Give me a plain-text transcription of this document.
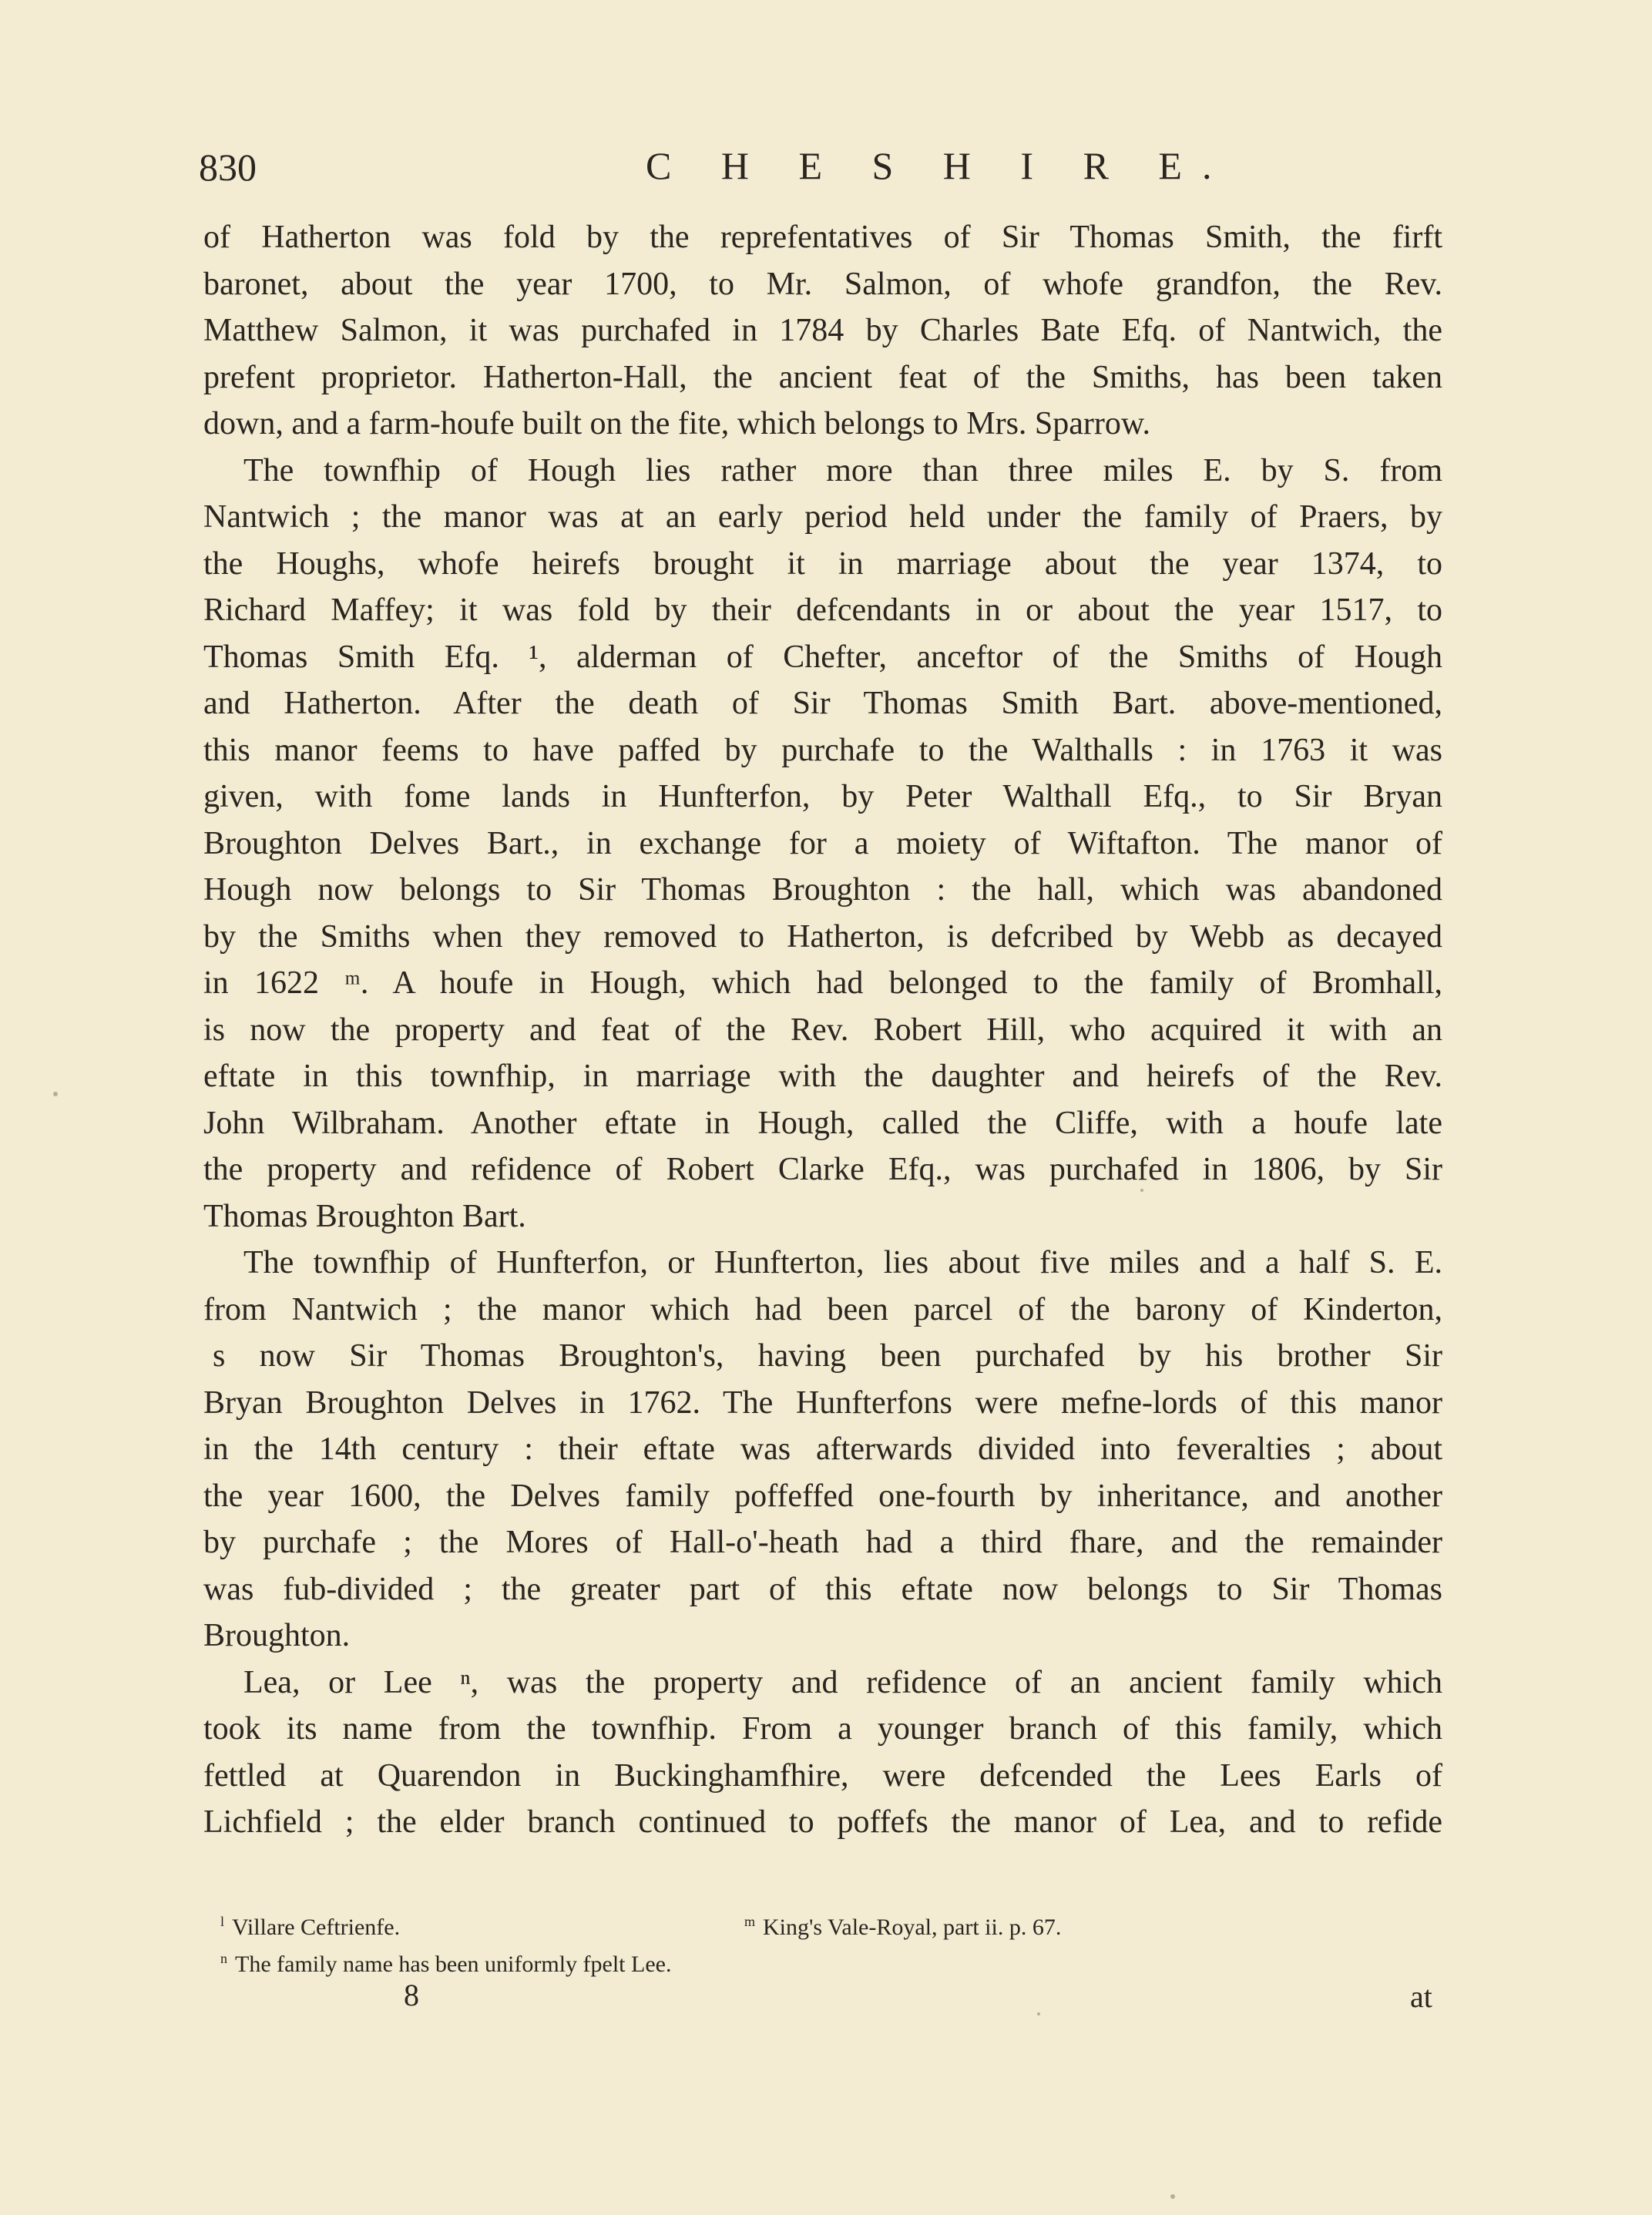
830	C H E S H I R E.
of Hatherton was fold by the reprefentatives of Sir Thomas Smith, the firft
baronet, about the year 1700, to Mr. Salmon, of whofe grandfon, the Rev.
Matthew Salmon, it was purchafed in 1784 by Charles Bate Efq. of Nantwich, the
prefent proprietor. Hatherton-Hall, the ancient feat of the Smiths, has been taken
down, and a farm-houfe built on the fite, which belongs to Mrs. Sparrow.
The townfhip of Hough lies rather more than three miles E. by S. from
Nantwich ; the manor was at an early period held under the family of Praers, by
the Houghs, whofe heirefs brought it in marriage about the year 1374, to
Richard Maffey; it was fold by their defcendants in or about the year 1517, to
Thomas Smith Efq. ¹, alderman of Chefter, anceftor of the Smiths of Hough
and Hatherton. After the death of Sir Thomas Smith Bart. above-mentioned,
this manor feems to have paffed by purchafe to the Walthalls : in 1763 it was
given, with fome lands in Hunfterfon, by Peter Walthall Efq., to Sir Bryan
Broughton Delves Bart., in exchange for a moiety of Wiftafton. The manor of
Hough now belongs to Sir Thomas Broughton : the hall, which was abandoned
by the Smiths when they removed to Hatherton, is defcribed by Webb as decayed
in 1622 ᵐ. A houfe in Hough, which had belonged to the family of Bromhall,
is now the property and feat of the Rev. Robert Hill, who acquired it with an
eftate in this townfhip, in marriage with the daughter and heirefs of the Rev.
John Wilbraham. Another eftate in Hough, called the Cliffe, with a houfe late
the property and refidence of Robert Clarke Efq., was purchafed in 1806, by Sir
Thomas Broughton Bart.
The townfhip of Hunfterfon, or Hunfterton, lies about five miles and a half S. E.
from Nantwich ; the manor which had been parcel of the barony of Kinderton,
s now Sir Thomas Broughton's, having been purchafed by his brother Sir
Bryan Broughton Delves in 1762. The Hunfterfons were mefne-lords of this manor
in the 14th century : their eftate was afterwards divided into feveralties ; about
the year 1600, the Delves family poffeffed one-fourth by inheritance, and another
by purchafe ; the Mores of Hall-o'-heath had a third fhare, and the remainder
was fub-divided ; the greater part of this eftate now belongs to Sir Thomas
Broughton.
Lea, or Lee ⁿ, was the property and refidence of an ancient family which
took its name from the townfhip. From a younger branch of this family, which
fettled at Quarendon in Buckinghamfhire, were defcended the Lees Earls of
Lichfield ; the elder branch continued to poffefs the manor of Lea, and to refide
$^l$ Villare Ceftrienfe.	$^m$ King's Vale-Royal, part ii. p. 67.
$^n$ The family name has been uniformly fpelt Lee.
8	at
